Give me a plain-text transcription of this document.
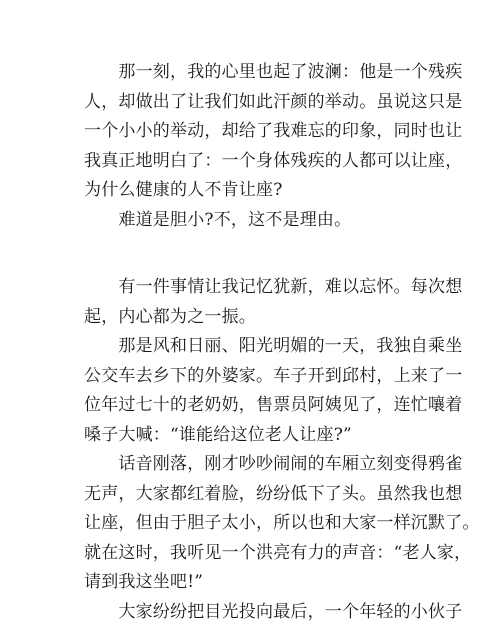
　　那一刻，我的心里也起了波澜：他是一个残疾
人，却做出了让我们如此汗颜的举动。虽说这只是
一个小小的举动，却给了我难忘的印象，同时也让
我真正地明白了：一个身体残疾的人都可以让座，
为什么健康的人不肯让座?

　　难道是胆小?不，这不是理由。

　　有一件事情让我记忆犹新，难以忘怀。每次想
起，内心都为之一振。

　　那是风和日丽、阳光明媚的一天，我独自乘坐
公交车去乡下的外婆家。车子开到邱村，上来了一
位年过七十的老奶奶，售票员阿姨见了，连忙嚷着
嗓子大喊：“谁能给这位老人让座?”

　　话音刚落，刚才吵吵闹闹的车厢立刻变得鸦雀
无声，大家都红着脸，纷纷低下了头。虽然我也想
让座，但由于胆子太小，所以也和大家一样沉默了。
就在这时，我听见一个洪亮有力的声音：“老人家，
请到我这坐吧!”

　　大家纷纷把目光投向最后，一个年轻的小伙子
